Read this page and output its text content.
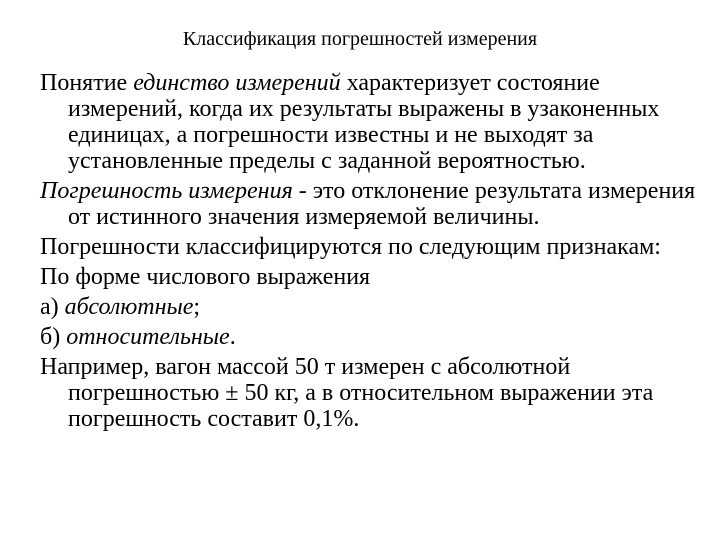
Классификация погрешностей измерения

Понятие единство измерений характеризует состояние измерений, когда их результаты выражены в узаконенных единицах, а погрешности известны и не выходят за установленные пределы с заданной вероятностью.

Погрешность измерения - это отклонение результата измерения от истинного значения измеряемой величины.

Погрешности классифицируются по следующим признакам:

По форме числового выражения

а) абсолютные;

б) относительные.

Например, вагон массой 50 т измерен с абсолютной погрешностью ± 50 кг, а в относительном выражении эта погрешность составит 0,1%.
